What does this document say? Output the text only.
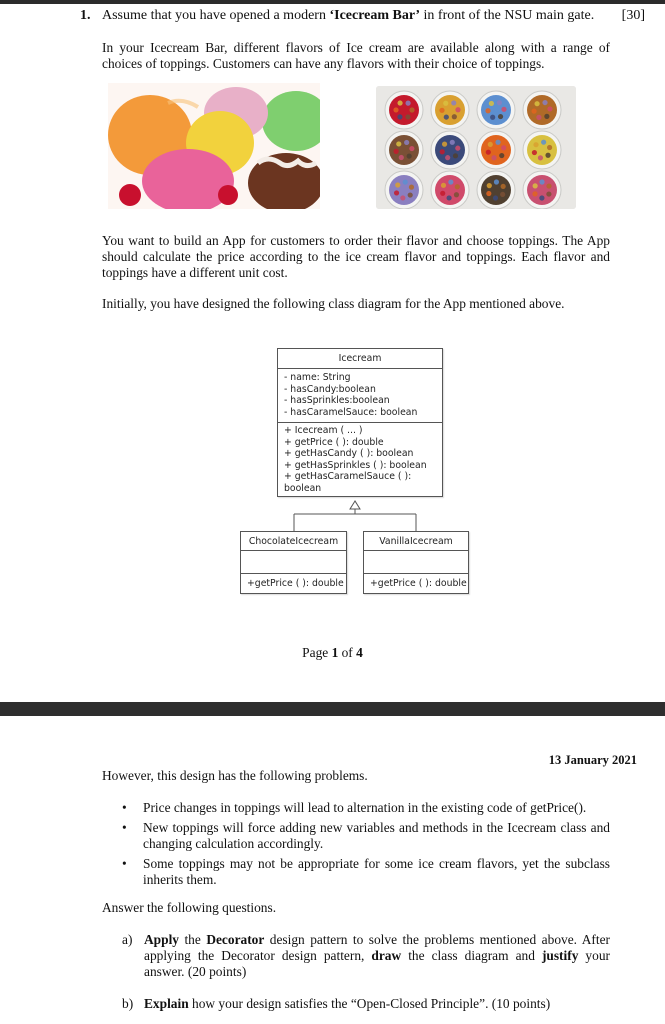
1. Assume that you have opened a modern ‘Icecream Bar’ in front of the NSU main gate. [30]
In your Icecream Bar, different flavors of Ice cream are available along with a range of choices of toppings. Customers can have any flavors with their choice of toppings.
You want to build an App for customers to order their flavor and choose toppings. The App should calculate the price according to the ice cream flavor and toppings. Each flavor and toppings have a different unit cost.
Initially, you have designed the following class diagram for the App mentioned above.
Icecream
- name: String
- hasCandy:boolean
- hasSprinkles:boolean
- hasCaramelSauce: boolean
+ Icecream ( ... )
+ getPrice ( ): double
+ getHasCandy ( ): boolean
+ getHasSprinkles ( ): boolean
+ getHasCaramelSauce ( ): boolean
ChocolateIcecream
+getPrice ( ): double
VanillaIcecream
+getPrice ( ): double
Page 1 of 4
13 January 2021
However, this design has the following problems.
• Price changes in toppings will lead to alternation in the existing code of getPrice().
• New toppings will force adding new variables and methods in the Icecream class and changing calculation accordingly.
• Some toppings may not be appropriate for some ice cream flavors, yet the subclass inherits them.
Answer the following questions.
a) Apply the Decorator design pattern to solve the problems mentioned above. After applying the Decorator design pattern, draw the class diagram and justify your answer. (20 points)
b) Explain how your design satisfies the “Open-Closed Principle”. (10 points)
